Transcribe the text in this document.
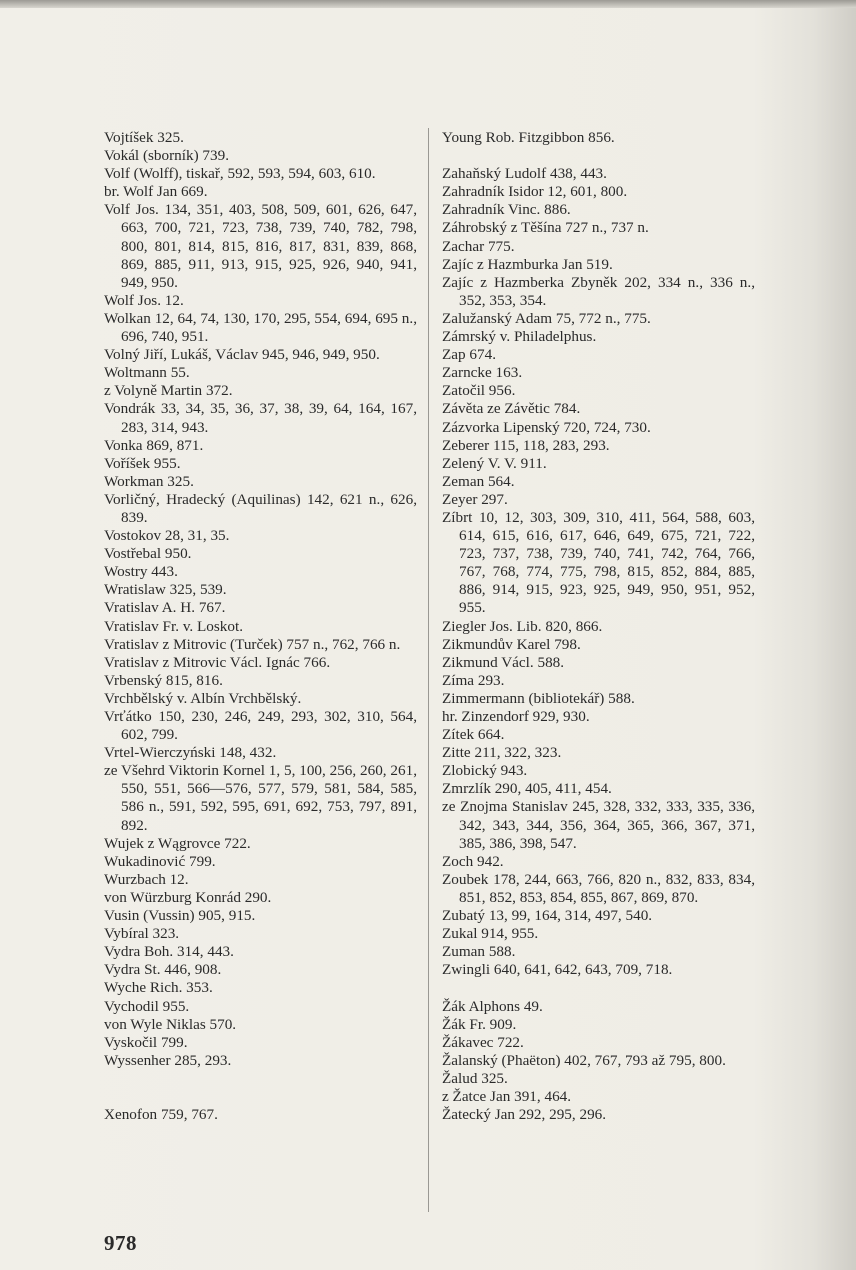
Vojtíšek 325.
Vokál (sborník) 739.
Volf (Wolff), tiskař, 592, 593, 594, 603, 610.
br. Wolf Jan 669.
Volf Jos. 134, 351, 403, 508, 509, 601, 626, 647, 663, 700, 721, 723, 738, 739, 740, 782, 798, 800, 801, 814, 815, 816, 817, 831, 839, 868, 869, 885, 911, 913, 915, 925, 926, 940, 941, 949, 950.
Wolf Jos. 12.
Wolkan 12, 64, 74, 130, 170, 295, 554, 694, 695 n., 696, 740, 951.
Volný Jiří, Lukáš, Václav 945, 946, 949, 950.
Woltmann 55.
z Volyně Martin 372.
Vondrák 33, 34, 35, 36, 37, 38, 39, 64, 164, 167, 283, 314, 943.
Vonka 869, 871.
Voříšek 955.
Workman 325.
Vorličný, Hradecký (Aquilinas) 142, 621 n., 626, 839.
Vostokov 28, 31, 35.
Vostřebal 950.
Wostry 443.
Wratislaw 325, 539.
Vratislav A. H. 767.
Vratislav Fr. v. Loskot.
Vratislav z Mitrovic (Turček) 757 n., 762, 766 n.
Vratislav z Mitrovic Václ. Ignác 766.
Vrbenský 815, 816.
Vrchbělský v. Albín Vrchbělský.
Vrťátko 150, 230, 246, 249, 293, 302, 310, 564, 602, 799.
Vrtel-Wierczyński 148, 432.
ze Všehrd Viktorin Kornel 1, 5, 100, 256, 260, 261, 550, 551, 566—576, 577, 579, 581, 584, 585, 586 n., 591, 592, 595, 691, 692, 753, 797, 891, 892.
Wujek z Wągrovce 722.
Wukadinović 799.
Wurzbach 12.
von Würzburg Konrád 290.
Vusin (Vussin) 905, 915.
Vybíral 323.
Vydra Boh. 314, 443.
Vydra St. 446, 908.
Wyche Rich. 353.
Vychodil 955.
von Wyle Niklas 570.
Vyskočil 799.
Wyssenher 285, 293.
Xenofon 759, 767.
Young Rob. Fitzgibbon 856.
Zahaňský Ludolf 438, 443.
Zahradník Isidor 12, 601, 800.
Zahradník Vinc. 886.
Záhrobský z Těšína 727 n., 737 n.
Zachar 775.
Zajíc z Hazmburka Jan 519.
Zajíc z Hazmberka Zbyněk 202, 334 n., 336 n., 352, 353, 354.
Zalužanský Adam 75, 772 n., 775.
Zámrský v. Philadelphus.
Zap 674.
Zarncke 163.
Zatočil 956.
Závěta ze Závětic 784.
Zázvorka Lipenský 720, 724, 730.
Zeberer 115, 118, 283, 293.
Zelený V. V. 911.
Zeman 564.
Zeyer 297.
Zíbrt 10, 12, 303, 309, 310, 411, 564, 588, 603, 614, 615, 616, 617, 646, 649, 675, 721, 722, 723, 737, 738, 739, 740, 741, 742, 764, 766, 767, 768, 774, 775, 798, 815, 852, 884, 885, 886, 914, 915, 923, 925, 949, 950, 951, 952, 955.
Ziegler Jos. Lib. 820, 866.
Zikmundův Karel 798.
Zikmund Václ. 588.
Zíma 293.
Zimmermann (bibliotekář) 588.
hr. Zinzendorf 929, 930.
Zítek 664.
Zitte 211, 322, 323.
Zlobický 943.
Zmrzlík 290, 405, 411, 454.
ze Znojma Stanislav 245, 328, 332, 333, 335, 336, 342, 343, 344, 356, 364, 365, 366, 367, 371, 385, 386, 398, 547.
Zoch 942.
Zoubek 178, 244, 663, 766, 820 n., 832, 833, 834, 851, 852, 853, 854, 855, 867, 869, 870.
Zubatý 13, 99, 164, 314, 497, 540.
Zukal 914, 955.
Zuman 588.
Zwingli 640, 641, 642, 643, 709, 718.
Žák Alphons 49.
Žák Fr. 909.
Žákavec 722.
Žalanský (Phaëton) 402, 767, 793 až 795, 800.
Žalud 325.
z Žatce Jan 391, 464.
Žatecký Jan 292, 295, 296.
978
